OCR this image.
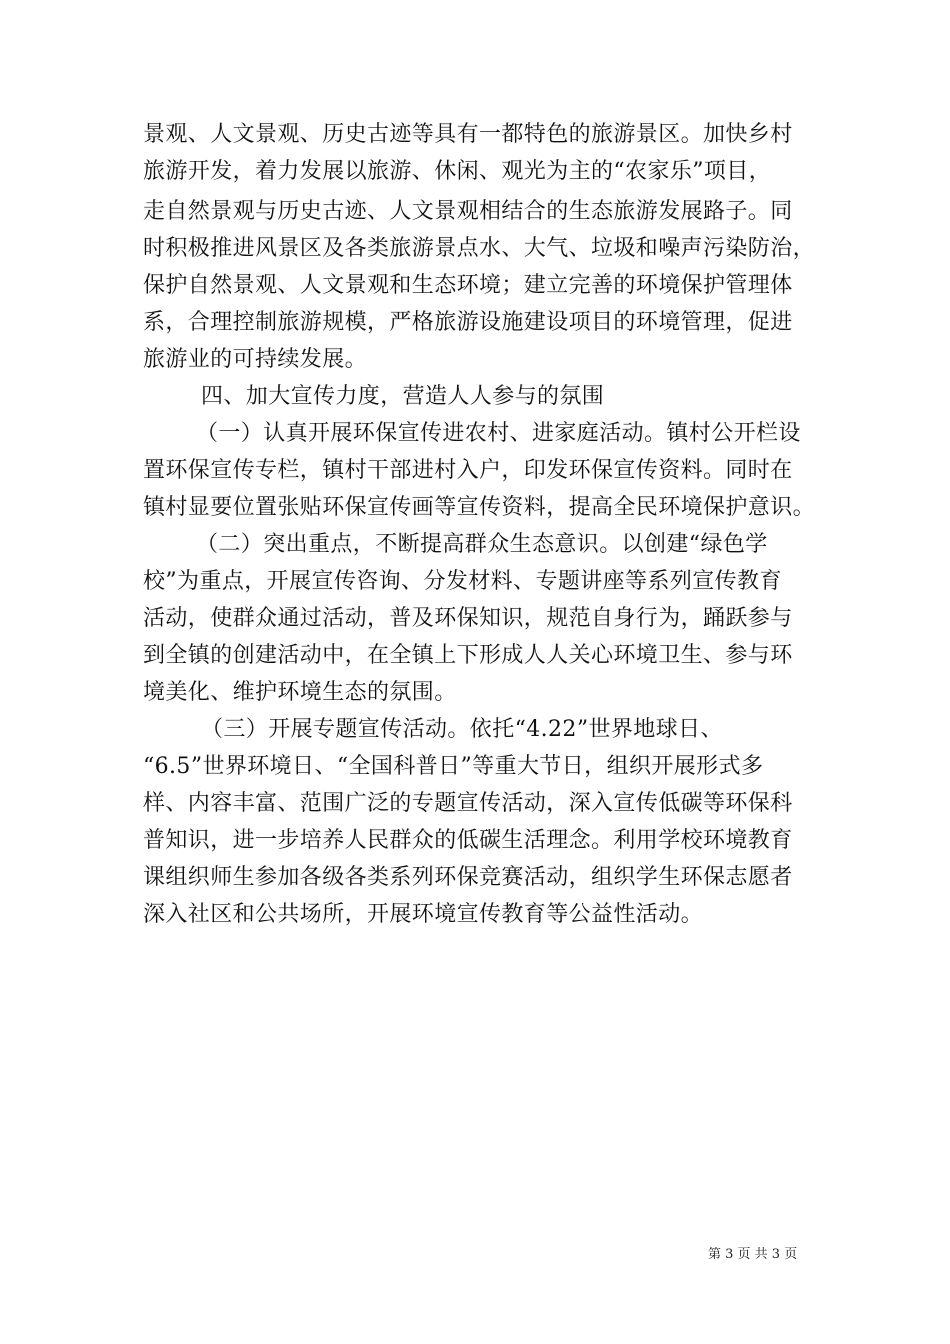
景观、人文景观、历史古迹等具有一都特色的旅游景区。加快乡村
旅游开发，着力发展以旅游、休闲、观光为主的“农家乐”项目，
走自然景观与历史古迹、人文景观相结合的生态旅游发展路子。同
时积极推进风景区及各类旅游景点水、大气、垃圾和噪声污染防治，
保护自然景观、人文景观和生态环境；建立完善的环境保护管理体
系，合理控制旅游规模，严格旅游设施建设项目的环境管理，促进
旅游业的可持续发展。
四、加大宣传力度，营造人人参与的氛围
（一）认真开展环保宣传进农村、进家庭活动。镇村公开栏设
置环保宣传专栏，镇村干部进村入户，印发环保宣传资料。同时在
镇村显要位置张贴环保宣传画等宣传资料，提高全民环境保护意识。
（二）突出重点，不断提高群众生态意识。以创建“绿色学
校”为重点，开展宣传咨询、分发材料、专题讲座等系列宣传教育
活动，使群众通过活动，普及环保知识，规范自身行为，踊跃参与
到全镇的创建活动中，在全镇上下形成人人关心环境卫生、参与环
境美化、维护环境生态的氛围。
（三）开展专题宣传活动。依托“4.22”世界地球日、
“6.5”世界环境日、“全国科普日”等重大节日，组织开展形式多
样、内容丰富、范围广泛的专题宣传活动，深入宣传低碳等环保科
普知识，进一步培养人民群众的低碳生活理念。利用学校环境教育
课组织师生参加各级各类系列环保竞赛活动，组织学生环保志愿者
深入社区和公共场所，开展环境宣传教育等公益性活动。
第 3 页 共 3 页
